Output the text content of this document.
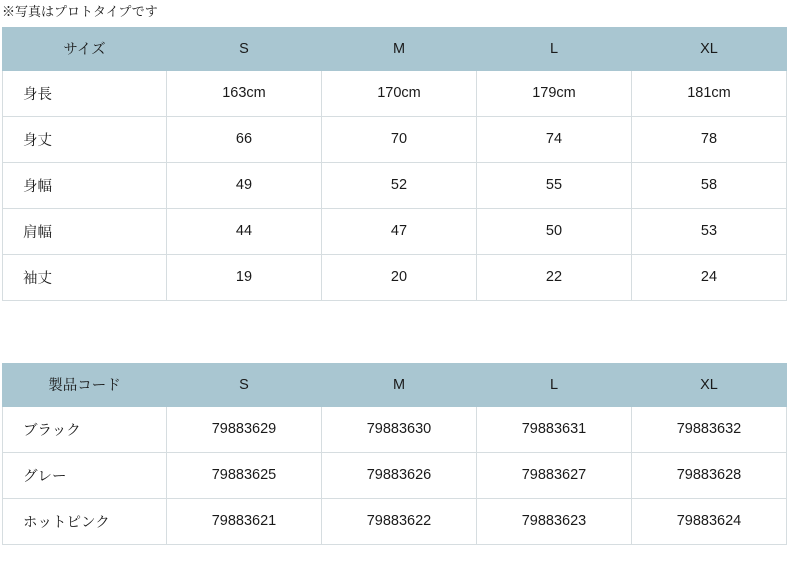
※写真はプロトタイプです
サイズ	S	M	L	XL
身長	163cm	170cm	179cm	181cm
身丈	66	70	74	78
身幅	49	52	55	58
肩幅	44	47	50	53
袖丈	19	20	22	24
製品コード	S	M	L	XL
ブラック	79883629	79883630	79883631	79883632
グレー	79883625	79883626	79883627	79883628
ホットピンク	79883621	79883622	79883623	79883624
